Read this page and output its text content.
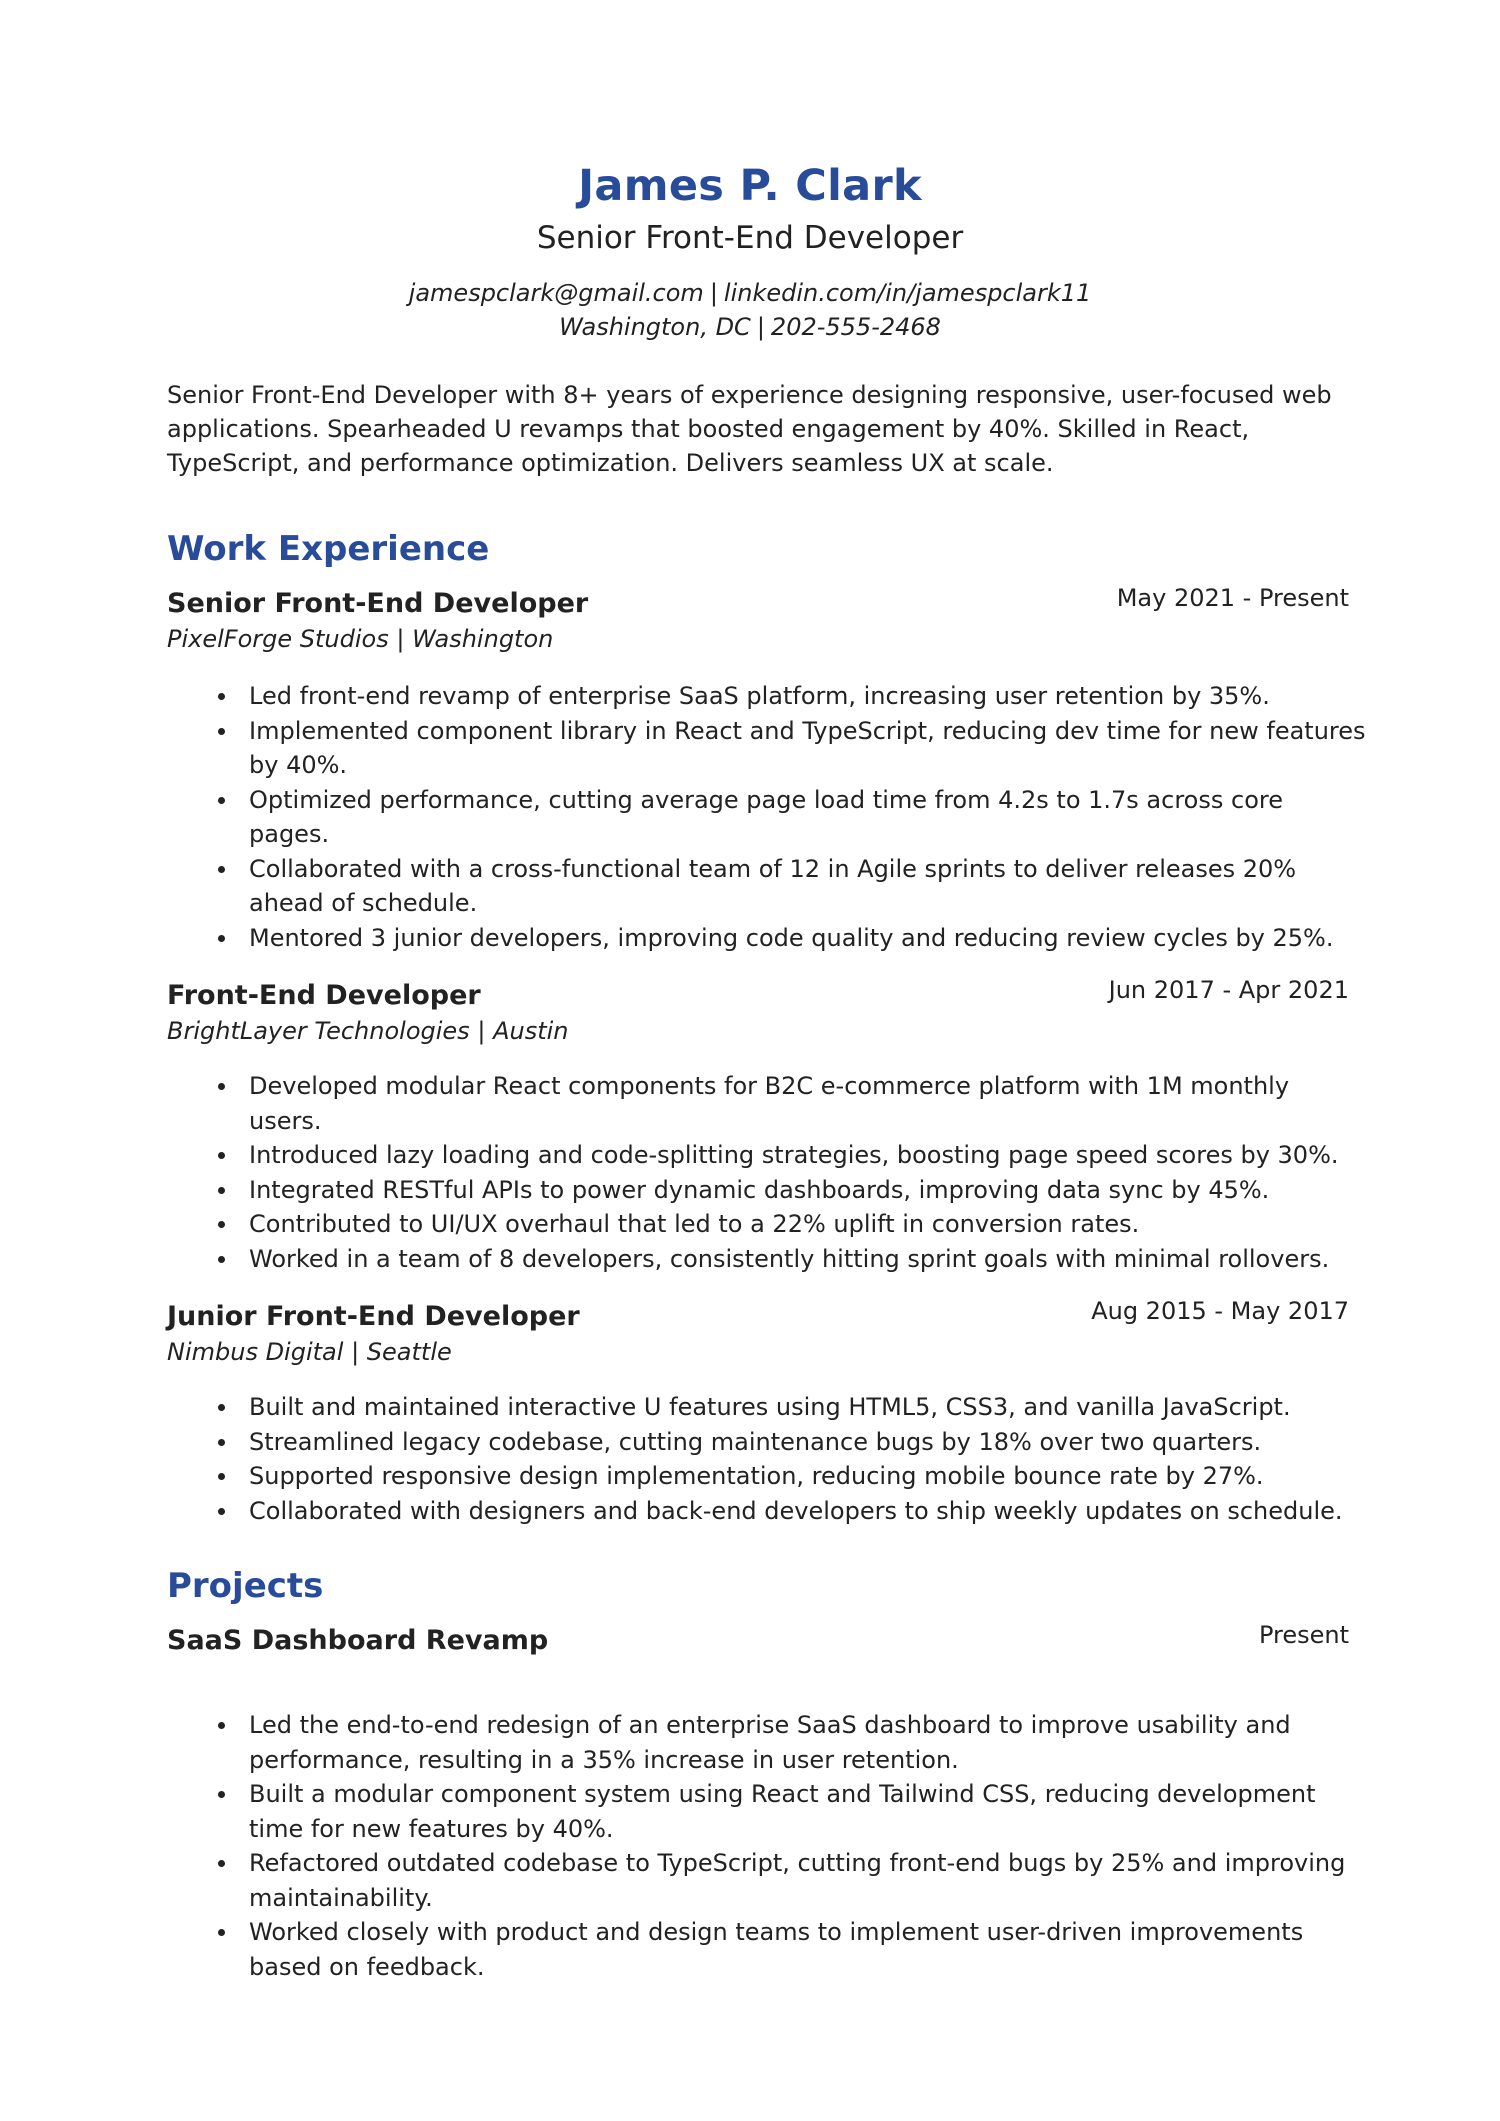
James P. Clark
Senior Front-End Developer
jamespclark@gmail.com | linkedin.com/in/jamespclark11
Washington, DC | 202-555-2468

Senior Front-End Developer with 8+ years of experience designing responsive, user-focused web applications. Spearheaded U revamps that boosted engagement by 40%. Skilled in React, TypeScript, and performance optimization. Delivers seamless UX at scale.

Work Experience
Senior Front-End Developer	May 2021 - Present
PixelForge Studios | Washington
Led front-end revamp of enterprise SaaS platform, increasing user retention by 35%.
Implemented component library in React and TypeScript, reducing dev time for new features by 40%.
Optimized performance, cutting average page load time from 4.2s to 1.7s across core pages.
Collaborated with a cross-functional team of 12 in Agile sprints to deliver releases 20% ahead of schedule.
Mentored 3 junior developers, improving code quality and reducing review cycles by 25%.
Front-End Developer	Jun 2017 - Apr 2021
BrightLayer Technologies | Austin
Developed modular React components for B2C e-commerce platform with 1M monthly users.
Introduced lazy loading and code-splitting strategies, boosting page speed scores by 30%.
Integrated RESTful APIs to power dynamic dashboards, improving data sync by 45%.
Contributed to UI/UX overhaul that led to a 22% uplift in conversion rates.
Worked in a team of 8 developers, consistently hitting sprint goals with minimal rollovers.
Junior Front-End Developer	Aug 2015 - May 2017
Nimbus Digital | Seattle
Built and maintained interactive U features using HTML5, CSS3, and vanilla JavaScript.
Streamlined legacy codebase, cutting maintenance bugs by 18% over two quarters.
Supported responsive design implementation, reducing mobile bounce rate by 27%.
Collaborated with designers and back-end developers to ship weekly updates on schedule.
Projects
SaaS Dashboard Revamp	Present
Led the end-to-end redesign of an enterprise SaaS dashboard to improve usability and performance, resulting in a 35% increase in user retention.
Built a modular component system using React and Tailwind CSS, reducing development time for new features by 40%.
Refactored outdated codebase to TypeScript, cutting front-end bugs by 25% and improving maintainability.
Worked closely with product and design teams to implement user-driven improvements based on feedback.
